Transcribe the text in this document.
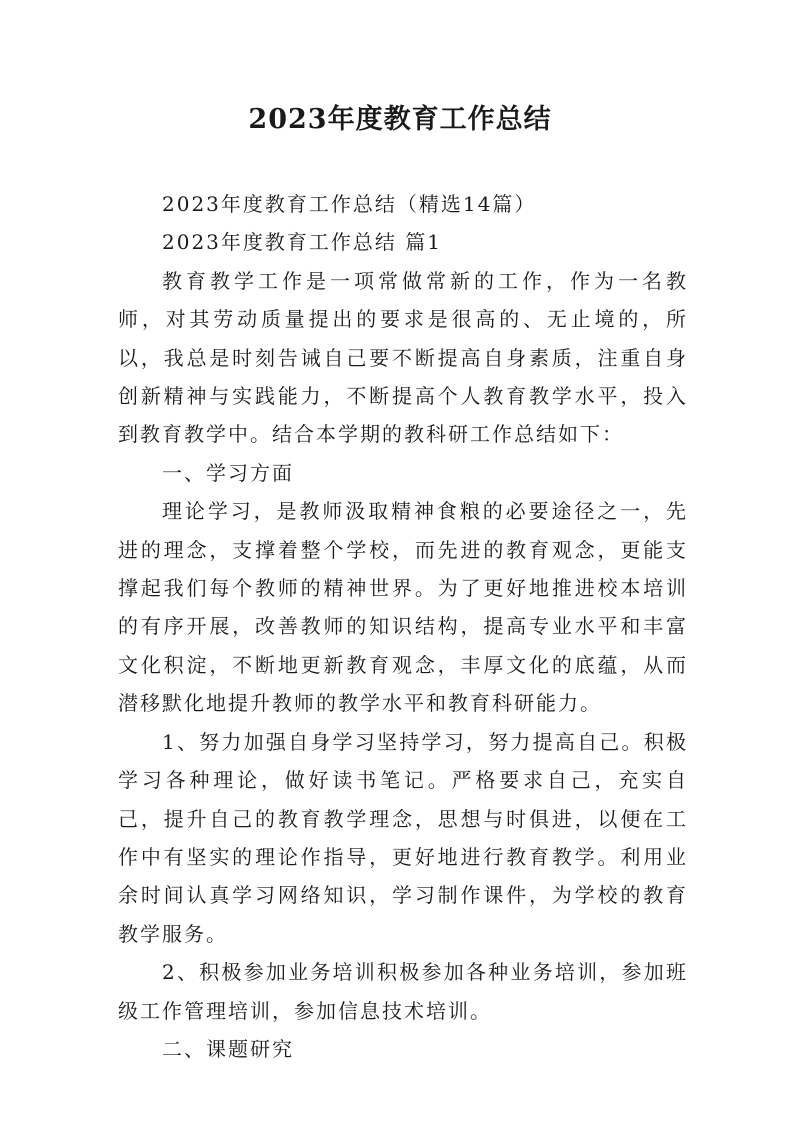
2023年度教育工作总结

2023年度教育工作总结（精选14篇）

2023年度教育工作总结 篇1

教育教学工作是一项常做常新的工作，作为一名教师，对其劳动质量提出的要求是很高的、无止境的，所以，我总是时刻告诫自己要不断提高自身素质，注重自身创新精神与实践能力，不断提高个人教育教学水平，投入到教育教学中。结合本学期的教科研工作总结如下：

一、学习方面

理论学习，是教师汲取精神食粮的必要途径之一，先进的理念，支撑着整个学校，而先进的教育观念，更能支撑起我们每个教师的精神世界。为了更好地推进校本培训的有序开展，改善教师的知识结构，提高专业水平和丰富文化积淀，不断地更新教育观念，丰厚文化的底蕴，从而潜移默化地提升教师的教学水平和教育科研能力。

1、努力加强自身学习坚持学习，努力提高自己。积极学习各种理论，做好读书笔记。严格要求自己，充实自己，提升自己的教育教学理念，思想与时俱进，以便在工作中有坚实的理论作指导，更好地进行教育教学。利用业余时间认真学习网络知识，学习制作课件，为学校的教育教学服务。

2、积极参加业务培训积极参加各种业务培训，参加班级工作管理培训，参加信息技术培训。

二、课题研究
